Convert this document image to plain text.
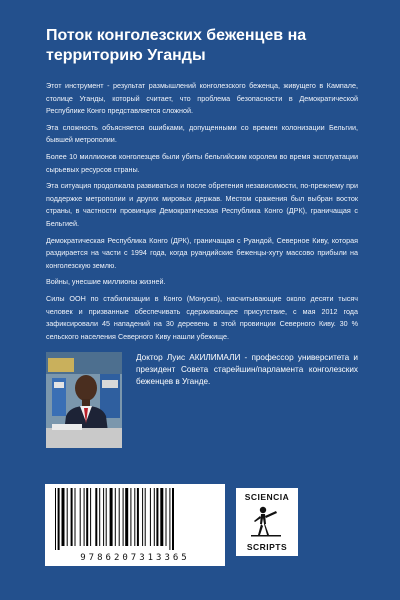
Поток конголезских беженцев на территорию Уганды

Этот инструмент - результат размышлений конголезского беженца, живущего в Кампале, столице Уганды, который считает, что проблема безопасности в Демократической Республике Конго представляется сложной.

Эта сложность объясняется ошибками, допущенными со времен колонизации Бельгии, бывшей метрополии.

Более 10 миллионов конголезцев были убиты бельгийским королем во время эксплуатации сырьевых ресурсов страны.

Эта ситуация продолжала развиваться и после обретения независимости, по-прежнему при поддержке метрополии и других мировых держав. Местом сражения был выбран восток страны, в частности провинция Демократическая Республика Конго (ДРК), граничащая с Бельгией.

Демократическая Республика Конго (ДРК), граничащая с Руандой, Северное Киву, которая раздирается на части с 1994 года, когда руандийские беженцы-хуту массово прибыли на конголезскую землю.

Войны, унесшие миллионы жизней.

Силы ООН по стабилизации в Конго (Монуско), насчитывающие около десяти тысяч человек и призванные обеспечивать сдерживающее присутствие, с мая 2012 года зафиксировали 45 нападений на 30 деревень в этой провинции Северного Киву. 30 % сельского населения Северного Киву нашли убежище.

Доктор Луис АКИЛИМАЛИ - профессор университета и президент Совета старейшин/парламента конголезских беженцев в Уганде.

9786207313365
SCIENCIA
SCRIPTS
